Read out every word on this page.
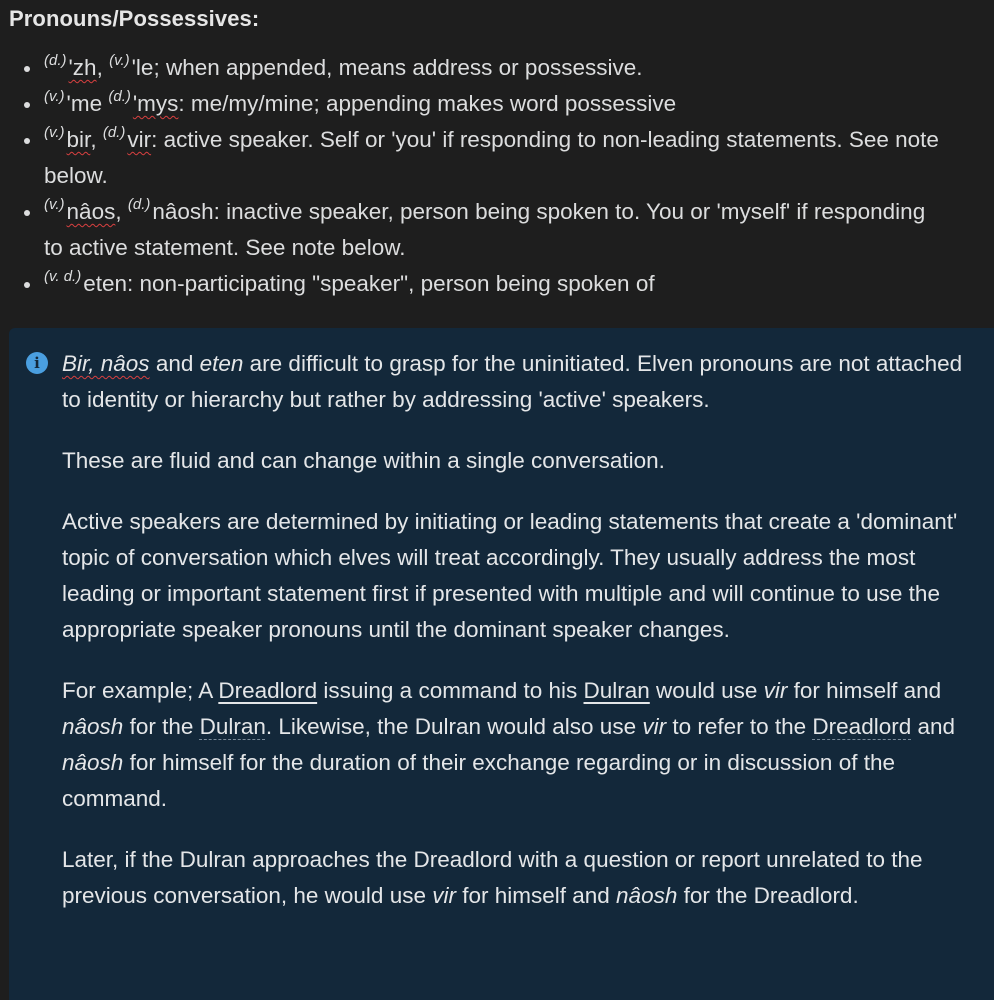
Pronouns/Possessives:
$^{(d.)}$'zh, $^{(v.)}$'le; when appended, means address or possessive.
$^{(v.)}$'me $^{(d.)}$'mys: me/my/mine; appending makes word possessive
$^{(v.)}$bir, $^{(d.)}$vir: active speaker. Self or 'you' if responding to non-leading statements. See note below.
$^{(v.)}$nâos, $^{(d.)}$nâosh: inactive speaker, person being spoken to. You or 'myself' if responding to active statement. See note below.
$^{(v. d.)}$eten: non-participating "speaker", person being spoken of
i Bir, nâos and eten are difficult to grasp for the uninitiated. Elven pronouns are not attached to identity or hierarchy but rather by addressing 'active' speakers.

These are fluid and can change within a single conversation.

Active speakers are determined by initiating or leading statements that create a 'dominant' topic of conversation which elves will treat accordingly. They usually address the most leading or important statement first if presented with multiple and will continue to use the appropriate speaker pronouns until the dominant speaker changes.

For example; A Dreadlord issuing a command to his Dulran would use vir for himself and nâosh for the Dulran. Likewise, the Dulran would also use vir to refer to the Dreadlord and nâosh for himself for the duration of their exchange regarding or in discussion of the command.

Later, if the Dulran approaches the Dreadlord with a question or report unrelated to the previous conversation, he would use vir for himself and nâosh for the Dreadlord.
